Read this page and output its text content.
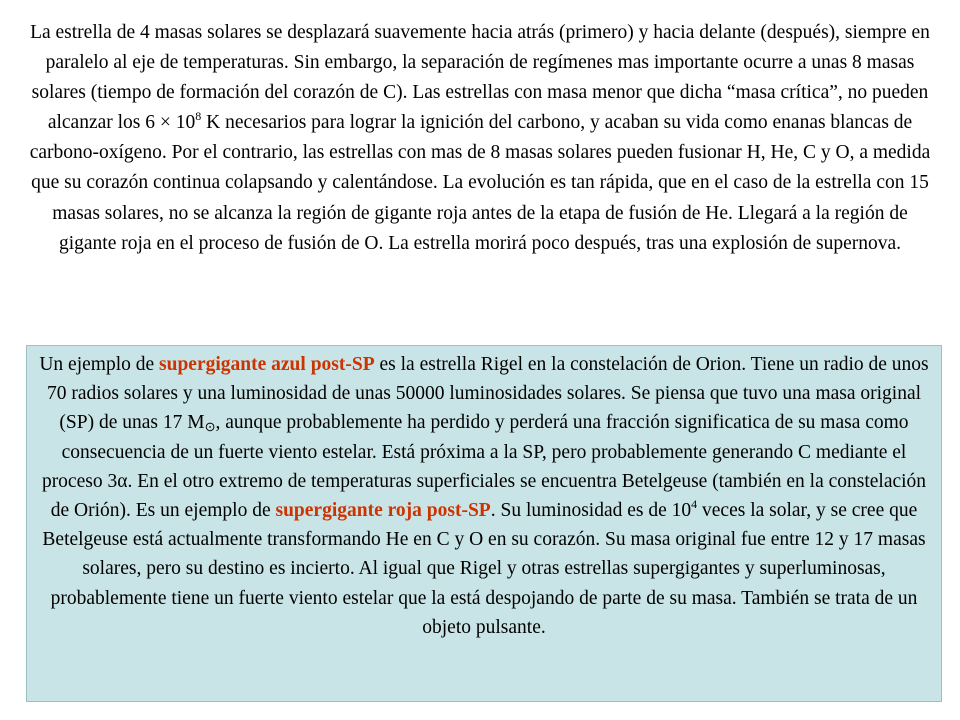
La estrella de 4 masas solares se desplazará suavemente hacia atrás (primero) y hacia delante (después), siempre en paralelo al eje de temperaturas. Sin embargo, la separación de regímenes mas importante ocurre a unas 8 masas solares (tiempo de formación del corazón de C). Las estrellas con masa menor que dicha “masa crítica”, no pueden alcanzar los $6 \times 10^8$ K necesarios para lograr la ignición del carbono, y acaban su vida como enanas blancas de carbono-oxígeno. Por el contrario, las estrellas con mas de 8 masas solares pueden fusionar H, He, C y O, a medida que su corazón continua colapsando y calentándose. La evolución es tan rápida, que en el caso de la estrella con 15 masas solares, no se alcanza la región de gigante roja antes de la etapa de fusión de He. Llegará a la región de gigante roja en el proceso de fusión de O. La estrella morirá poco después, tras una explosión de supernova.

Un ejemplo de supergigante azul post-SP es la estrella Rigel en la constelación de Orion. Tiene un radio de unos 70 radios solares y una luminosidad de unas 50000 luminosidades solares. Se piensa que tuvo una masa original (SP) de unas 17 $M_⊙$, aunque probablemente ha perdido y perderá una fracción significatica de su masa como consecuencia de un fuerte viento estelar. Está próxima a la SP, pero probablemente generando C mediante el proceso 3α. En el otro extremo de temperaturas superficiales se encuentra Betelgeuse (también en la constelación de Orión). Es un ejemplo de supergigante roja post-SP. Su luminosidad es de $10^4$ veces la solar, y se cree que Betelgeuse está actualmente transformando He en C y O en su corazón. Su masa original fue entre 12 y 17 masas solares, pero su destino es incierto. Al igual que Rigel y otras estrellas supergigantes y superluminosas, probablemente tiene un fuerte viento estelar que la está despojando de parte de su masa. También se trata de un objeto pulsante.
